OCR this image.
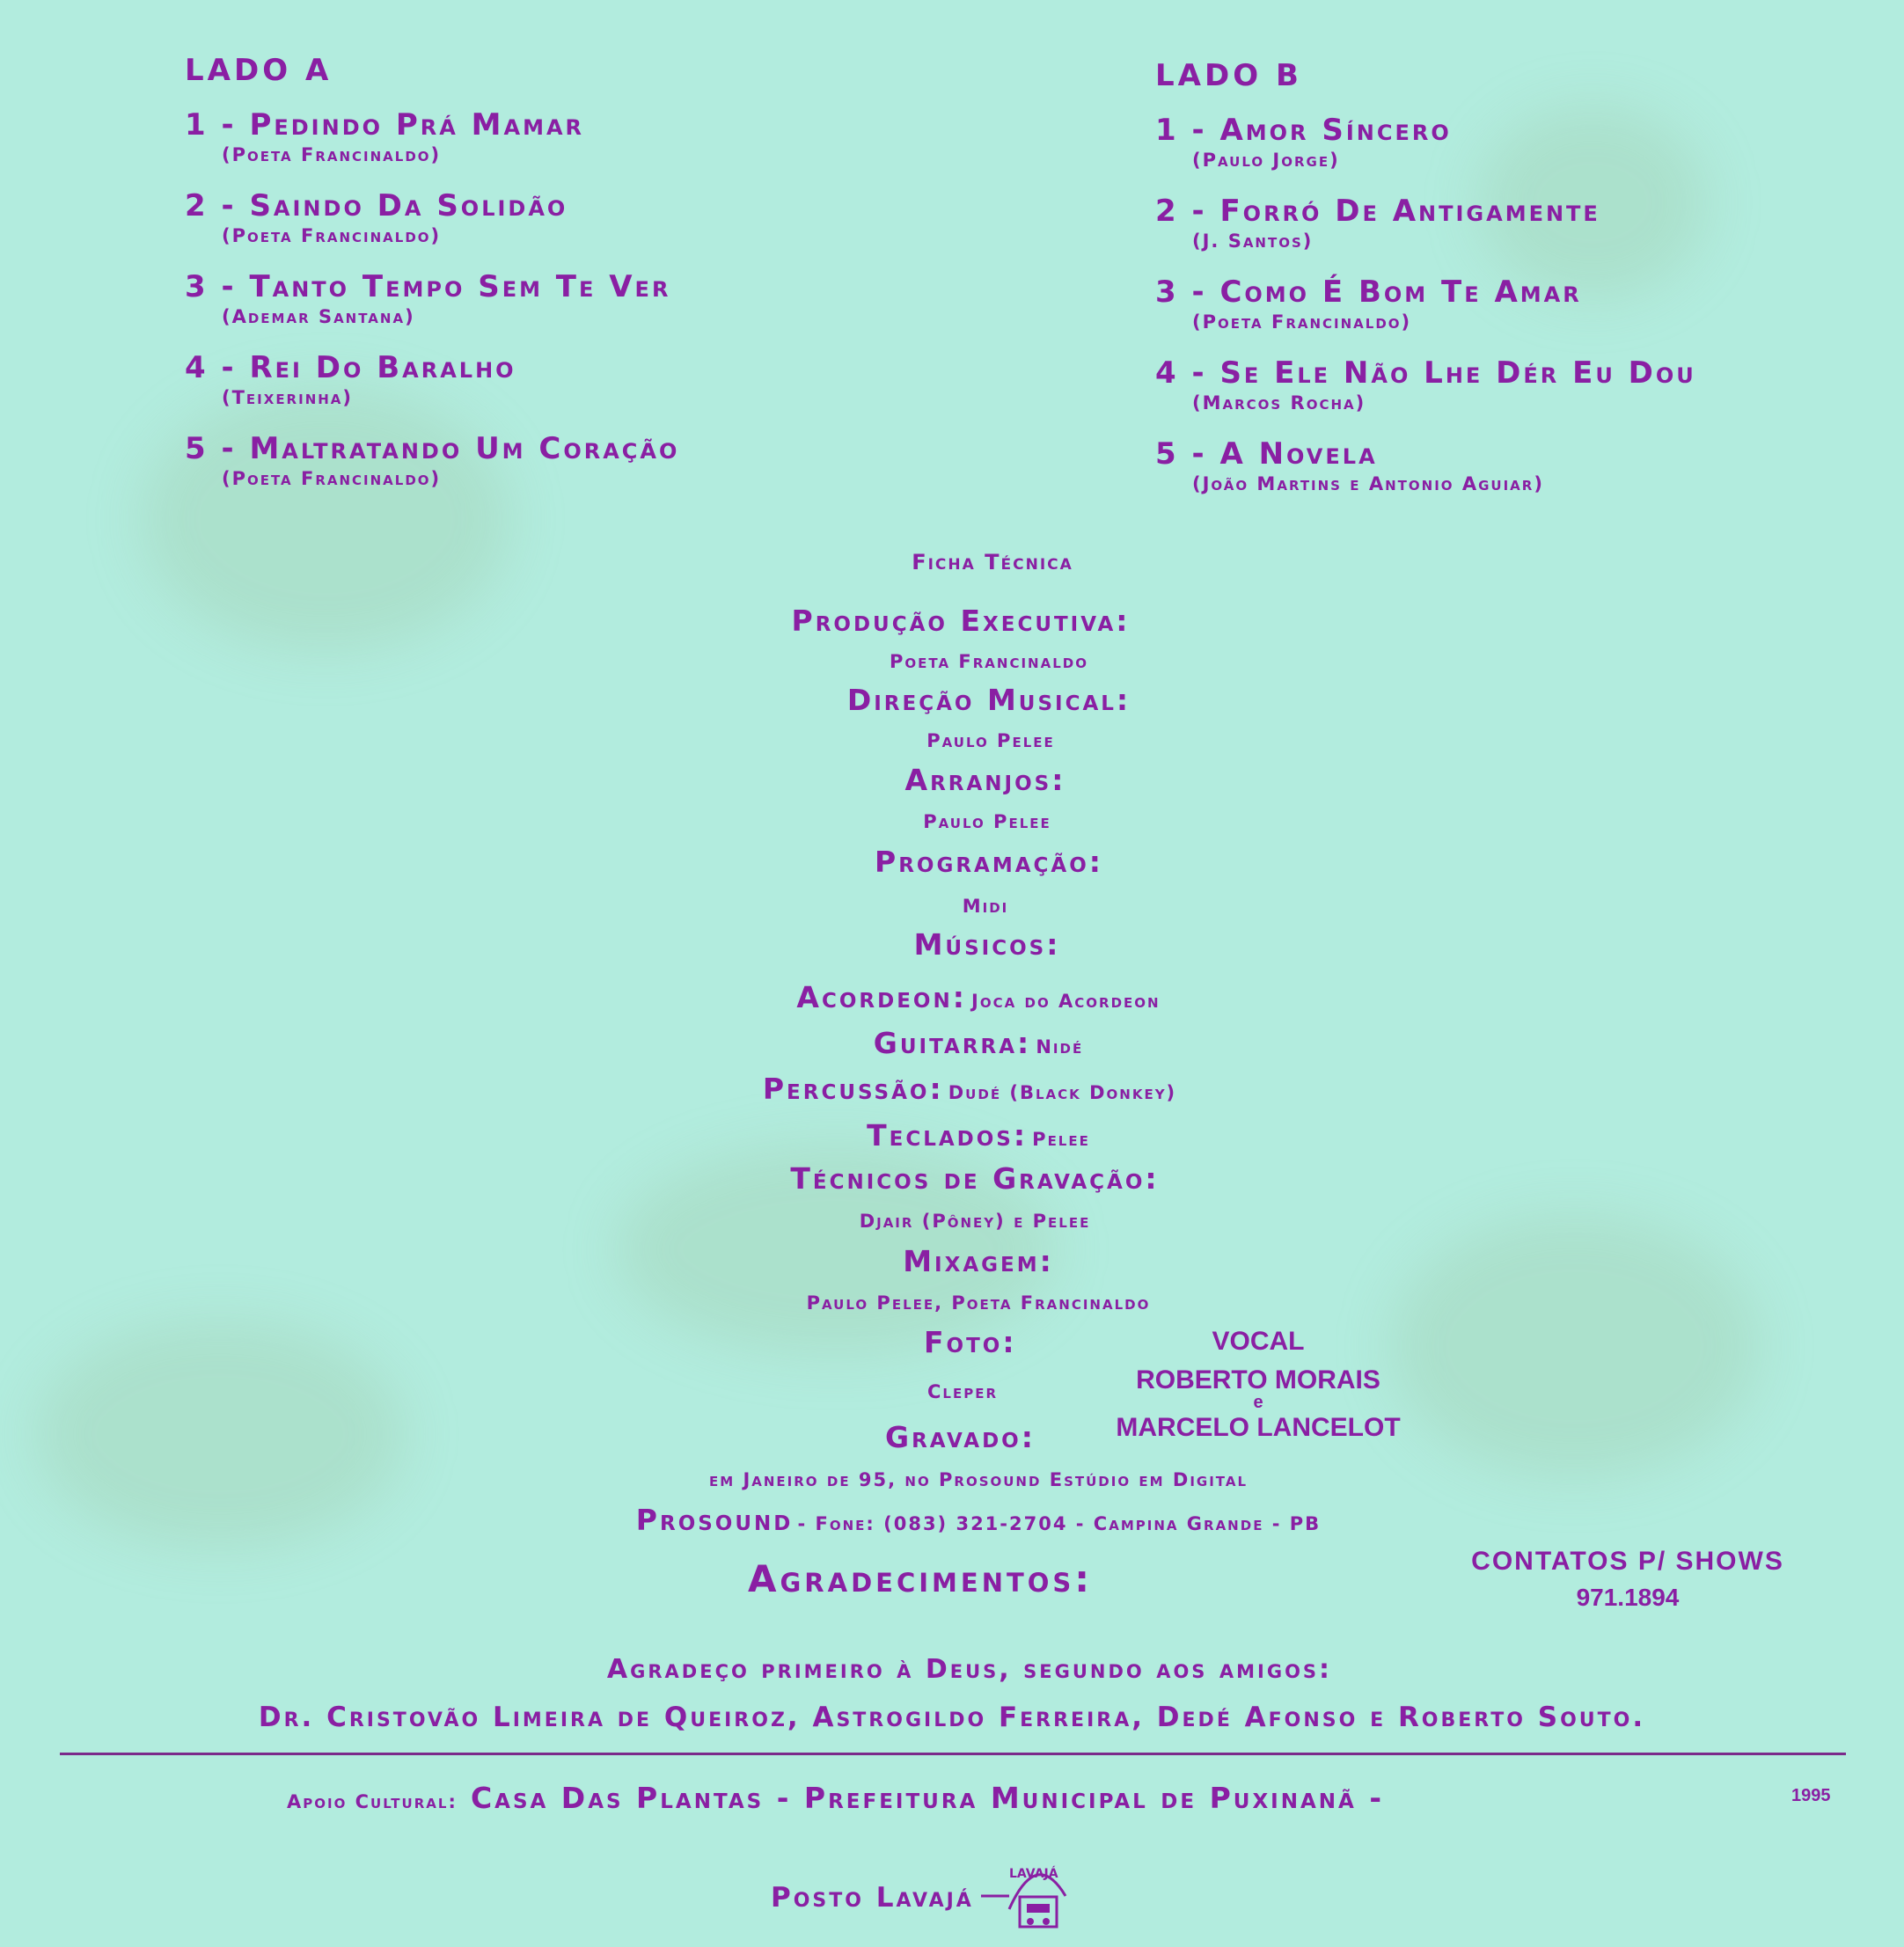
LADO A
1 - Pedindo Prá Mamar
(Poeta Francinaldo)
2 - Saindo Da Solidão
(Poeta Francinaldo)
3 - Tanto Tempo Sem Te Ver
(Ademar Santana)
4 - Rei Do Baralho
(Teixerinha)
5 - Maltratando Um Coração
(Poeta Francinaldo)
LADO B
1 - Amor Síncero
(Paulo Jorge)
2 - Forró De Antigamente
(J. Santos)
3 - Como É Bom Te Amar
(Poeta Francinaldo)
4 - Se Ele Não Lhe Dér Eu Dou
(Marcos Rocha)
5 - A Novela
(João Martins e Antonio Aguiar)
Ficha Técnica
Produção Executiva:
Poeta Francinaldo
Direção Musical:
Paulo Pelee
Arranjos:
Paulo Pelee
Programação:
Midi
Músicos:
Acordeon: Joca do Acordeon
Guitarra: Nidé
Percussão: Dudé (Black Donkey)
Teclados: Pelee
Técnicos de Gravação:
Djair (Pôney) e Pelee
Mixagem:
Paulo Pelee, Poeta Francinaldo
Foto:
Cleper
Gravado:
VOCAL
ROBERTO MORAIS
e
MARCELO LANCELOT
em Janeiro de 95, no Prosound Estúdio em Digital
Prosound - Fone: (083) 321-2704 - Campina Grande - PB
Agradecimentos:	CONTATOS P/ SHOWS
971.1894
Agradeço primeiro à Deus, segundo aos amigos:
Dr. Cristovão Limeira de Queiroz, Astrogildo Ferreira, Dedé Afonso e Roberto Souto.
Apoio Cultural: Casa Das Plantas - Prefeitura Municipal de Puxinanã -	1995
Posto Lavajá
LAVAJÁ
